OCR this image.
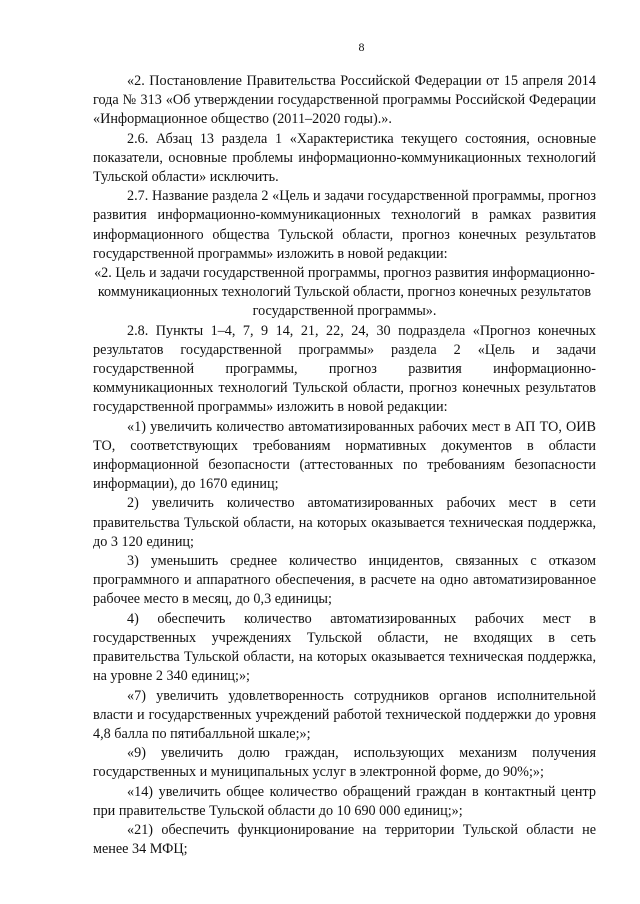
8

«2. Постановление Правительства Российской Федерации от 15 апреля 2014 года № 313 «Об утверждении государственной программы Российской Федерации «Информационное общество (2011–2020 годы).».

2.6. Абзац 13 раздела 1 «Характеристика текущего состояния, основные показатели, основные проблемы информационно-коммуникационных технологий Тульской области» исключить.

2.7. Название раздела 2 «Цель и задачи государственной программы, прогноз развития информационно-коммуникационных технологий в рамках развития информационного общества Тульской области, прогноз конечных результатов государственной программы» изложить в новой редакции:

«2. Цель и задачи государственной программы, прогноз развития информационно-коммуникационных технологий Тульской области, прогноз конечных результатов государственной программы».

2.8. Пункты 1–4, 7, 9 14, 21, 22, 24, 30 подраздела «Прогноз конечных результатов государственной программы» раздела 2 «Цель и задачи государственной программы, прогноз развития информационно-коммуникационных технологий Тульской области, прогноз конечных результатов государственной программы» изложить в новой редакции:

«1) увеличить количество автоматизированных рабочих мест в АП ТО, ОИВ ТО, соответствующих требованиям нормативных документов в области информационной безопасности (аттестованных по требованиям безопасности информации), до 1670 единиц;

2) увеличить количество автоматизированных рабочих мест в сети правительства Тульской области, на которых оказывается техническая поддержка, до 3 120 единиц;

3) уменьшить среднее количество инцидентов, связанных с отказом программного и аппаратного обеспечения, в расчете на одно автоматизированное рабочее место в месяц, до 0,3 единицы;

4) обеспечить количество автоматизированных рабочих мест в государственных учреждениях Тульской области, не входящих в сеть правительства Тульской области, на которых оказывается техническая поддержка, на уровне 2 340 единиц;»;

«7) увеличить удовлетворенность сотрудников органов исполнительной власти и государственных учреждений работой технической поддержки до уровня 4,8 балла по пятибалльной шкале;»;

«9) увеличить долю граждан, использующих механизм получения государственных и муниципальных услуг в электронной форме, до 90%;»;

«14) увеличить общее количество обращений граждан в контактный центр при правительстве Тульской области до 10 690 000 единиц;»;

«21) обеспечить функционирование на территории Тульской области не менее 34 МФЦ;
